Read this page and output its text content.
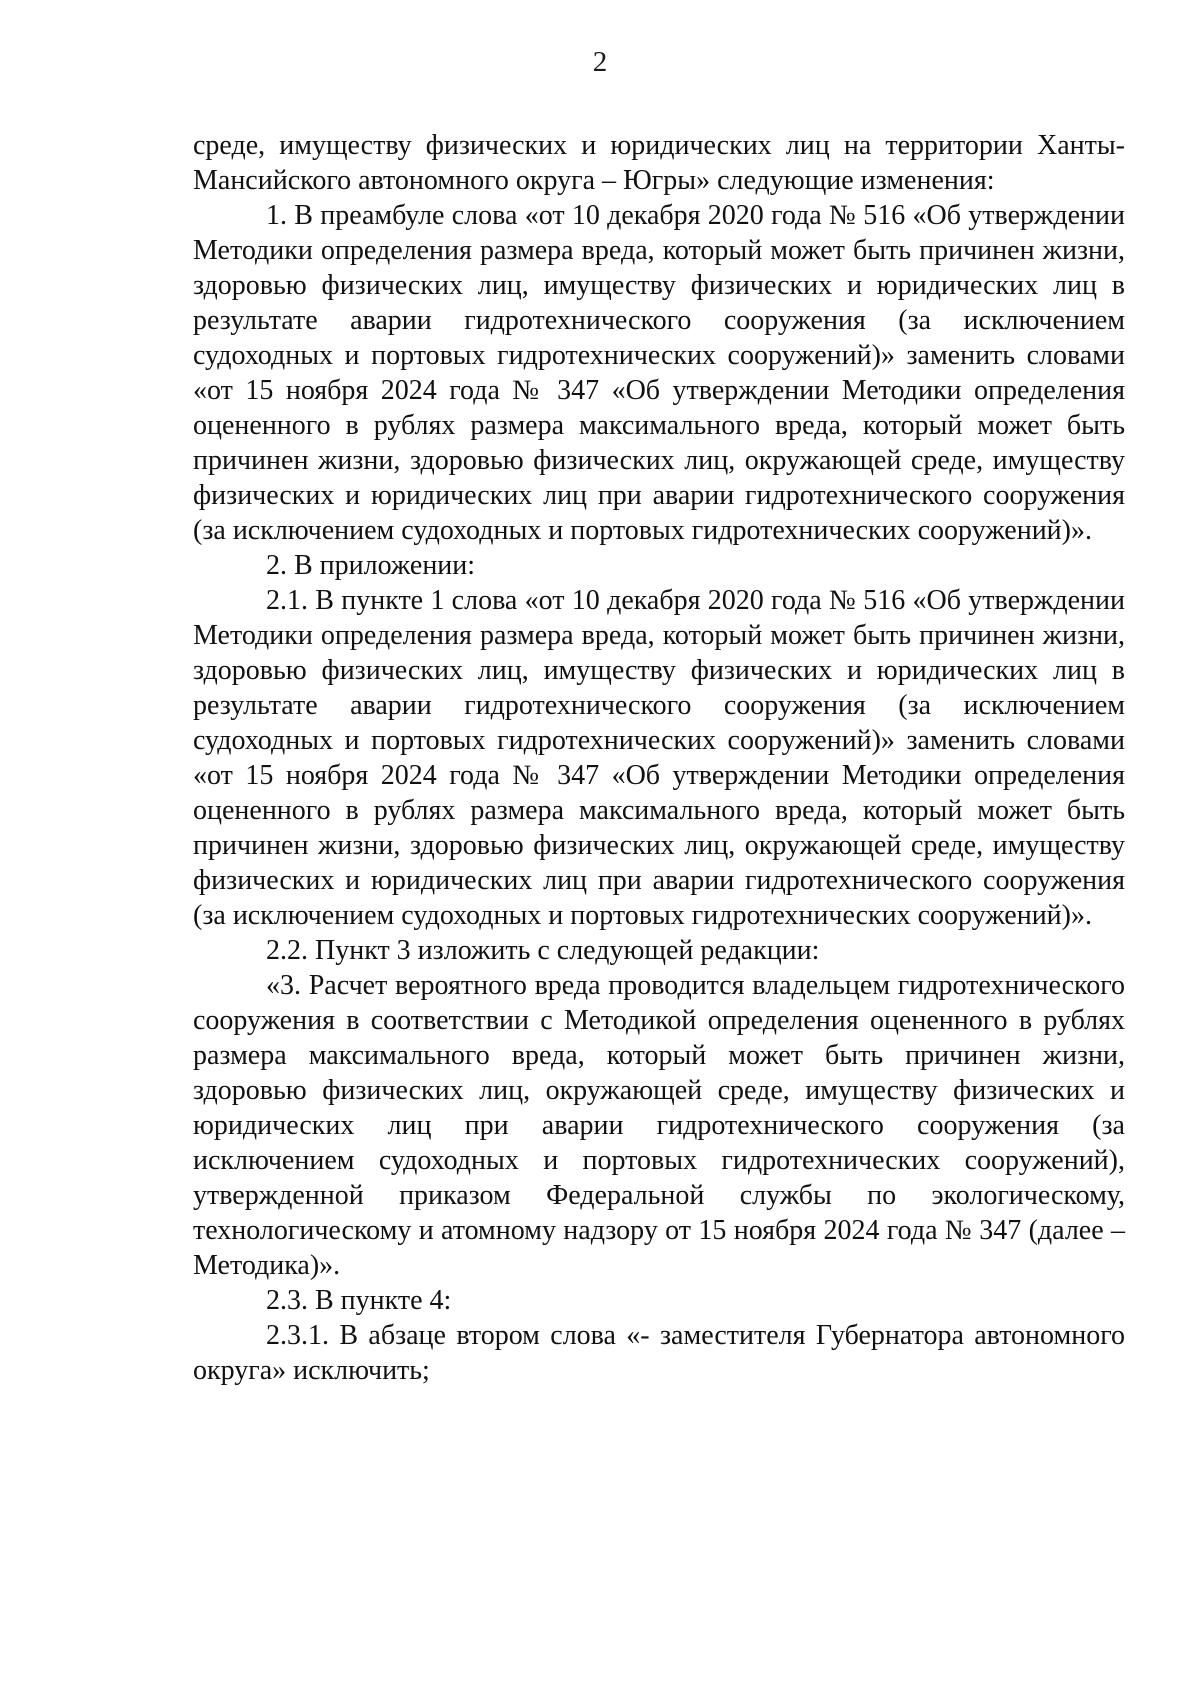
2

среде, имуществу физических и юридических лиц на территории Ханты-Мансийского автономного округа – Югры» следующие изменения:

1. В преамбуле слова «от 10 декабря 2020 года № 516 «Об утверждении Методики определения размера вреда, который может быть причинен жизни, здоровью физических лиц, имуществу физических и юридических лиц в результате аварии гидротехнического сооружения (за исключением судоходных и портовых гидротехнических сооружений)» заменить словами «от 15 ноября 2024 года № 347 «Об утверждении Методики определения оцененного в рублях размера максимального вреда, который может быть причинен жизни, здоровью физических лиц, окружающей среде, имуществу физических и юридических лиц при аварии гидротехнического сооружения (за исключением судоходных и портовых гидротехнических сооружений)».

2. В приложении:

2.1. В пункте 1 слова «от 10 декабря 2020 года № 516 «Об утверждении Методики определения размера вреда, который может быть причинен жизни, здоровью физических лиц, имуществу физических и юридических лиц в результате аварии гидротехнического сооружения (за исключением судоходных и портовых гидротехнических сооружений)» заменить словами «от 15 ноября 2024 года № 347 «Об утверждении Методики определения оцененного в рублях размера максимального вреда, который может быть причинен жизни, здоровью физических лиц, окружающей среде, имуществу физических и юридических лиц при аварии гидротехнического сооружения (за исключением судоходных и портовых гидротехнических сооружений)».

2.2. Пункт 3 изложить с следующей редакции:

«3. Расчет вероятного вреда проводится владельцем гидротехнического сооружения в соответствии с Методикой определения оцененного в рублях размера максимального вреда, который может быть причинен жизни, здоровью физических лиц, окружающей среде, имуществу физических и юридических лиц при аварии гидротехнического сооружения (за исключением судоходных и портовых гидротехнических сооружений), утвержденной приказом Федеральной службы по экологическому, технологическому и атомному надзору от 15 ноября 2024 года № 347 (далее – Методика)».

2.3. В пункте 4:

2.3.1. В абзаце втором слова «- заместителя Губернатора автономного округа» исключить;
